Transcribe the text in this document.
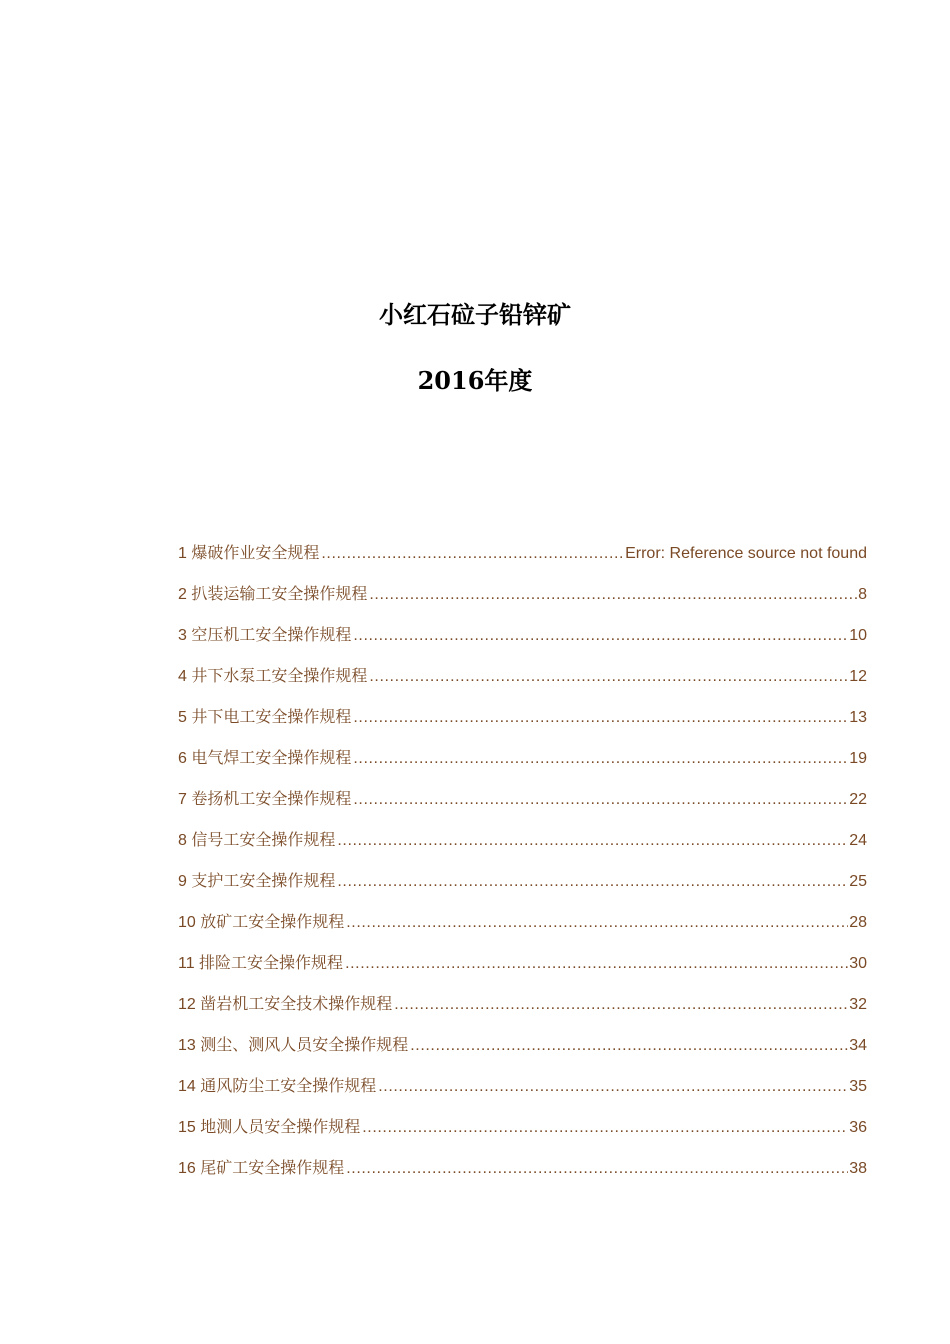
小红石砬子铅锌矿
2016年度
1 爆破作业安全规程 .....	Error: Reference source not found
2 扒装运输工安全操作规程 .....	8
3 空压机工安全操作规程 .....	10
4 井下水泵工安全操作规程 .....	12
5 井下电工安全操作规程 .....	13
6 电气焊工安全操作规程 .....	19
7 卷扬机工安全操作规程 .....	22
8 信号工安全操作规程 .....	24
9 支护工安全操作规程 .....	25
10 放矿工安全操作规程 .....	28
11 排险工安全操作规程 .....	30
12 凿岩机工安全技术操作规程 .....	32
13 测尘、测风人员安全操作规程 .....	34
14 通风防尘工安全操作规程 .....	35
15 地测人员安全操作规程 .....	36
16 尾矿工安全操作规程 .....	38
